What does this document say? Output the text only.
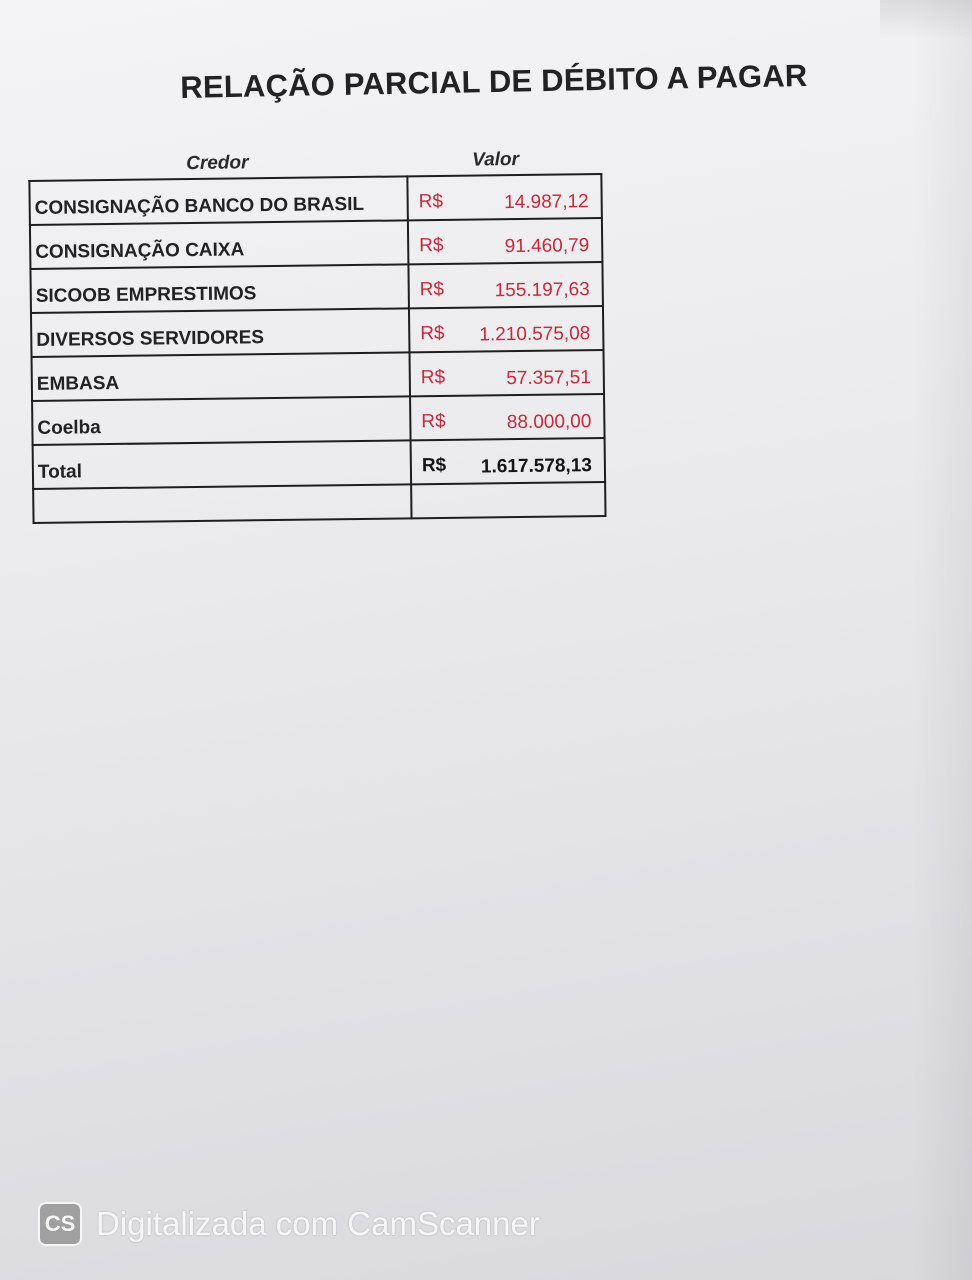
RELAÇÃO PARCIAL DE DÉBITO A PAGAR
Credor	Valor
CONSIGNAÇÃO BANCO DO BRASIL	R$ 14.987,12

CONSIGNAÇÃO CAIXA	R$ 91.460,79

SICOOB EMPRESTIMOS	R$ 155.197,63

DIVERSOS SERVIDORES	R$ 1.210.575,08

EMBASA	R$ 57.357,51

Coelba	R$ 88.000,00

Total	R$ 1.617.578,13

CS Digitalizada com CamScanner
